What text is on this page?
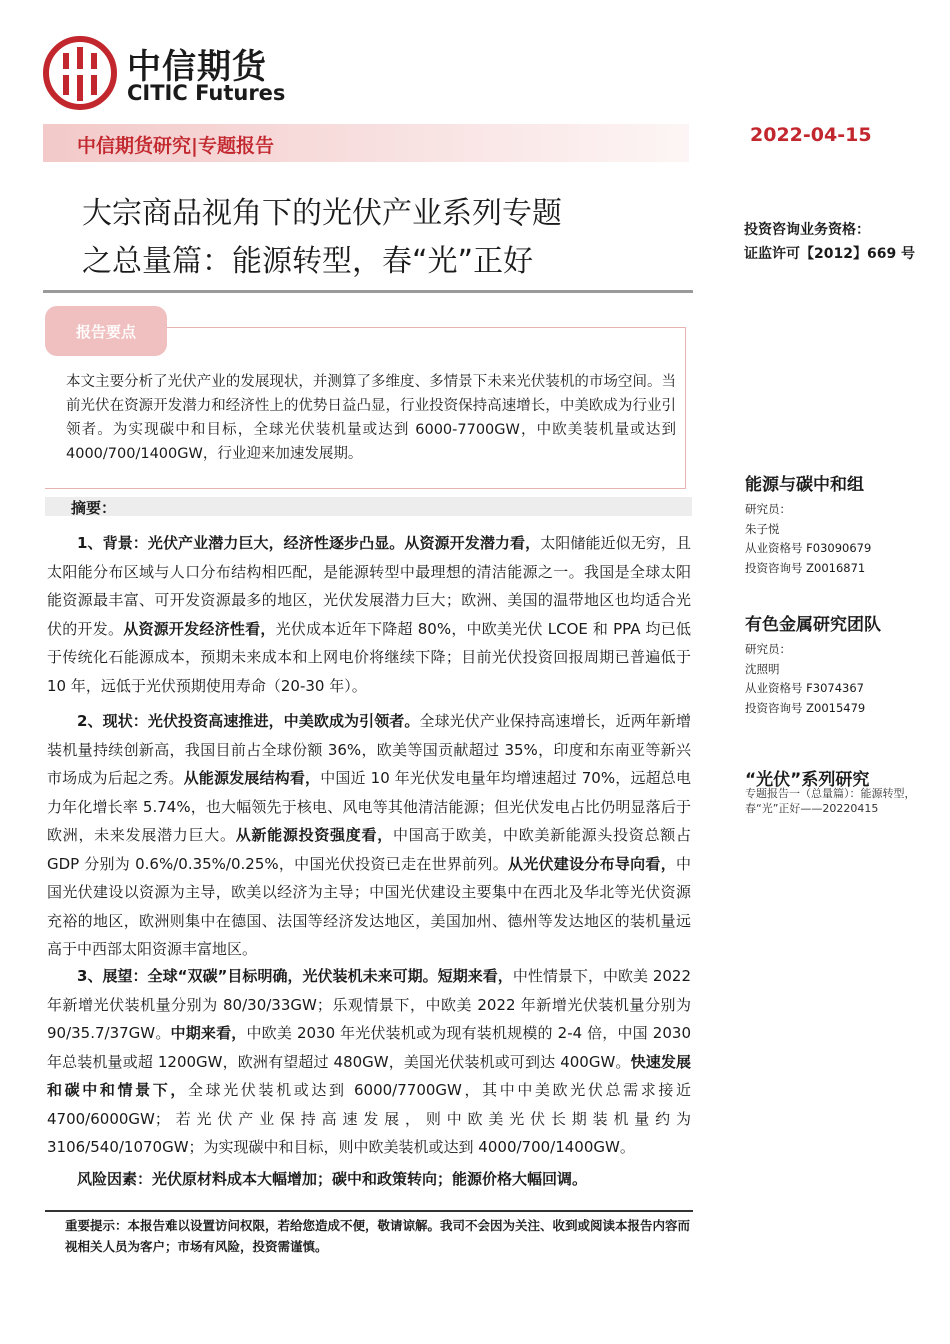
中信期货
CITIC Futures
中信期货研究|专题报告	2022-04-15
大宗商品视角下的光伏产业系列专题
之总量篇：能源转型，春“光”正好
投资咨询业务资格：
证监许可【2012】669 号
报告要点
本文主要分析了光伏产业的发展现状，并测算了多维度、多情景下未来光伏装机的市场空间。当前光伏在资源开发潜力和经济性上的优势日益凸显，行业投资保持高速增长，中美欧成为行业引领者。为实现碳中和目标，全球光伏装机量或达到 6000-7700GW，中欧美装机量或达到 4000/700/1400GW，行业迎来加速发展期。
摘要：

1、背景：光伏产业潜力巨大，经济性逐步凸显。从资源开发潜力看，太阳储能近似无穷，且太阳能分布区域与人口分布结构相匹配，是能源转型中最理想的清洁能源之一。我国是全球太阳能资源最丰富、可开发资源最多的地区，光伏发展潜力巨大；欧洲、美国的温带地区也均适合光伏的开发。从资源开发经济性看，光伏成本近年下降超 80%，中欧美光伏 LCOE 和 PPA 均已低于传统化石能源成本，预期未来成本和上网电价将继续下降；目前光伏投资回报周期已普遍低于 10 年，远低于光伏预期使用寿命（20-30 年）。

2、现状：光伏投资高速推进，中美欧成为引领者。全球光伏产业保持高速增长，近两年新增装机量持续创新高，我国目前占全球份额 36%，欧美等国贡献超过 35%，印度和东南亚等新兴市场成为后起之秀。从能源发展结构看，中国近 10 年光伏发电量年均增速超过 70%，远超总电力年化增长率 5.74%，也大幅领先于核电、风电等其他清洁能源；但光伏发电占比仍明显落后于欧洲，未来发展潜力巨大。从新能源投资强度看，中国高于欧美，中欧美新能源头投资总额占 GDP 分别为 0.6%/0.35%/0.25%，中国光伏投资已走在世界前列。从光伏建设分布导向看，中国光伏建设以资源为主导，欧美以经济为主导；中国光伏建设主要集中在西北及华北等光伏资源充裕的地区，欧洲则集中在德国、法国等经济发达地区，美国加州、德州等发达地区的装机量远高于中西部太阳资源丰富地区。

3、展望：全球“双碳”目标明确，光伏装机未来可期。短期来看，中性情景下，中欧美 2022 年新增光伏装机量分别为 80/30/33GW；乐观情景下，中欧美 2022 年新增光伏装机量分别为 90/35.7/37GW。中期来看，中欧美 2030 年光伏装机或为现有装机规模的 2-4 倍，中国 2030 年总装机量或超 1200GW，欧洲有望超过 480GW，美国光伏装机或可到达 400GW。快速发展和碳中和情景下，全球光伏装机或达到 6000/7700GW，其中中美欧光伏总需求接近 4700/6000GW；若光伏产业保持高速发展，则中欧美光伏长期装机量约为 3106/540/1070GW；为实现碳中和目标，则中欧美装机或达到 4000/700/1400GW。

风险因素：光伏原材料成本大幅增加；碳中和政策转向；能源价格大幅回调。

重要提示：本报告难以设置访问权限，若给您造成不便，敬请谅解。我司不会因为关注、收到或阅读本报告内容而视相关人员为客户；市场有风险，投资需谨慎。
能源与碳中和组
研究员：
朱子悦
从业资格号 F03090679
投资咨询号 Z0016871
有色金属研究团队
研究员：
沈照明
从业资格号 F3074367
投资咨询号 Z0015479
“光伏”系列研究
专题报告一（总量篇）：能源转型，春“光”正好——20220415
